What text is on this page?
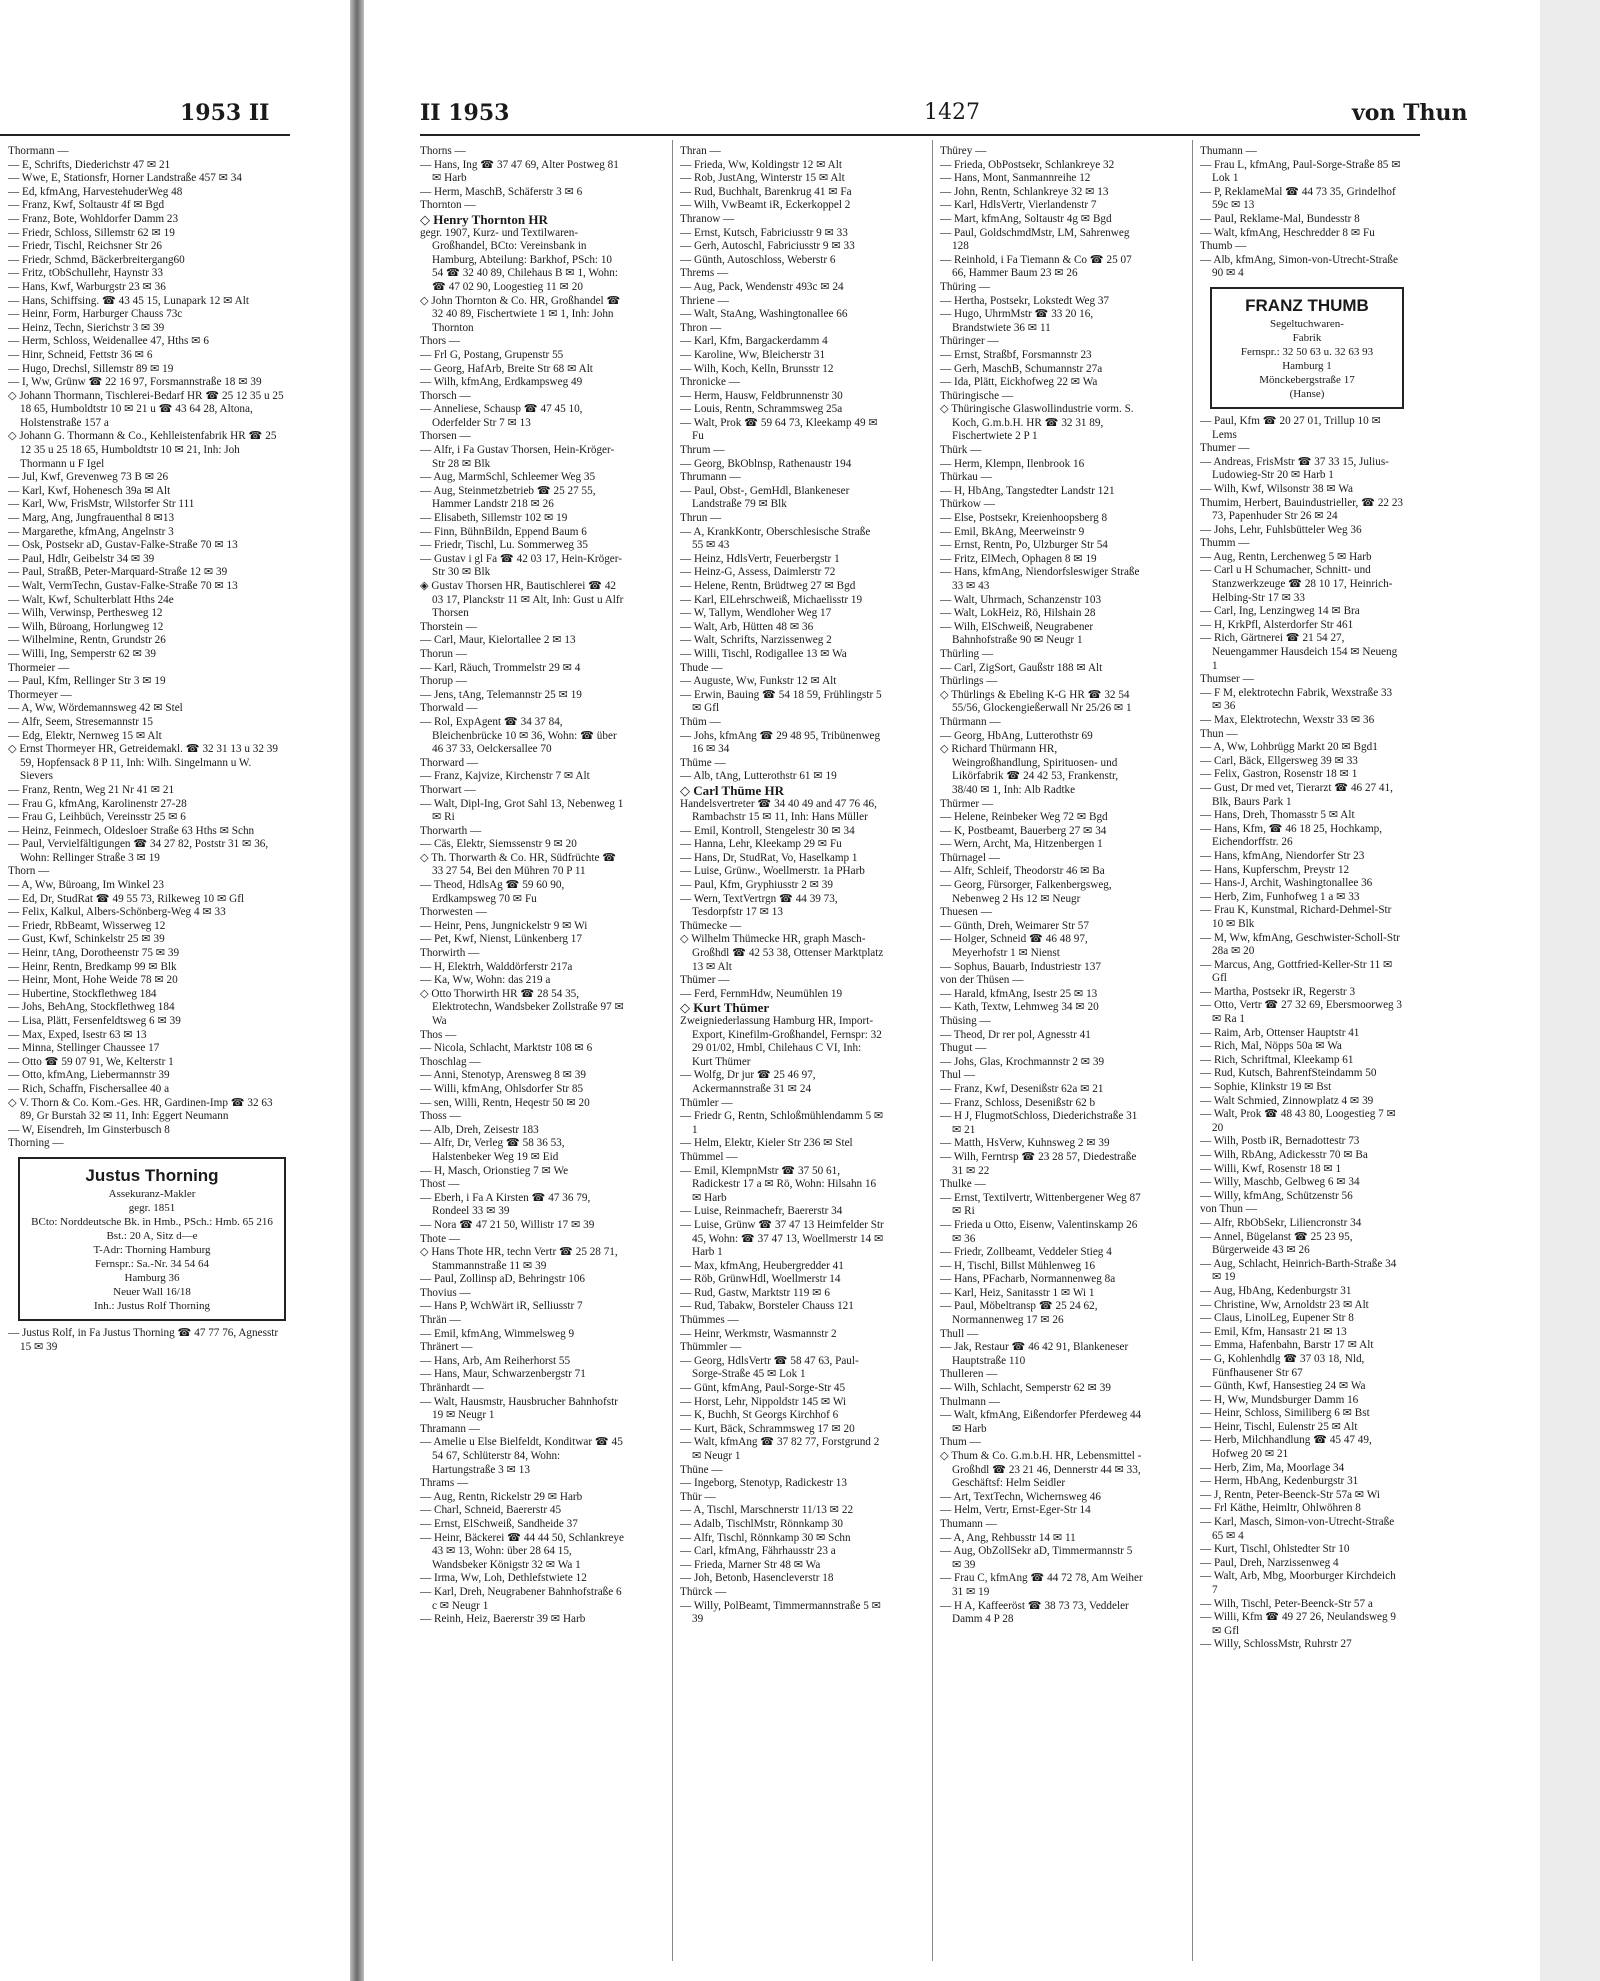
1953 II

Thormann —

— E, Schrifts, Diederichstr 47 ✉ 21

— Wwe, E, Stationsfr, Horner Landstraße 457 ✉ 34

— Ed, kfmAng, HarvestehuderWeg 48

— Franz, Kwf, Soltaustr 4f ✉ Bgd

— Franz, Bote, Wohldorfer Damm 23

— Friedr, Schloss, Sillemstr 62 ✉ 19

— Friedr, Tischl, Reichsner Str 26

— Friedr, Schmd, Bäckerbreitergang60

— Fritz, tObSchullehr, Haynstr 33

— Hans, Kwf, Warburgstr 23 ✉ 36

— Hans, Schiffsing. ☎ 43 45 15, Lunapark 12 ✉ Alt

— Heinr, Form, Harburger Chauss 73c

— Heinz, Techn, Sierichstr 3 ✉ 39

— Herm, Schloss, Weidenallee 47, Hths ✉ 6

— Hinr, Schneid, Fettstr 36 ✉ 6

— Hugo, Drechsl, Sillemstr 89 ✉ 19

— I, Ww, Grünw ☎ 22 16 97, Forsmannstraße 18 ✉ 39

◇ Johann Thormann, Tischlerei-Bedarf HR ☎ 25 12 35 u 25 18 65, Humboldtstr 10 ✉ 21 u ☎ 43 64 28, Altona, Holstenstraße 157 a

◇ Johann G. Thormann & Co., Kehlleistenfabrik HR ☎ 25 12 35 u 25 18 65, Humboldtstr 10 ✉ 21, Inh: Joh Thormann u F Igel

— Jul, Kwf, Grevenweg 73 B ✉ 26

— Karl, Kwf, Hohenesch 39a ✉ Alt

— Karl, Ww, FrisMstr, Wilstorfer Str 111

— Marg, Ang, Jungfrauenthal 8 ✉13

— Margarethe, kfmAng, Angelnstr 3

— Osk, Postsekr aD, Gustav-Falke-Straße 70 ✉ 13

— Paul, Hdlr, Geibelstr 34 ✉ 39

— Paul, StraßB, Peter-Marquard-Straße 12 ✉ 39

— Walt, VermTechn, Gustav-Falke-Straße 70 ✉ 13

— Walt, Kwf, Schulterblatt Hths 24e

— Wilh, Verwinsp, Perthesweg 12

— Wilh, Büroang, Horlungweg 12

— Wilhelmine, Rentn, Grundstr 26

— Willi, Ing, Semperstr 62 ✉ 39

Thormeier —

— Paul, Kfm, Rellinger Str 3 ✉ 19

Thormeyer —

— A, Ww, Wördemannsweg 42 ✉ Stel

— Alfr, Seem, Stresemannstr 15

— Edg, Elektr, Nernweg 15 ✉ Alt

◇ Ernst Thormeyer HR, Getreidemakl. ☎ 32 31 13 u 32 39 59, Hopfensack 8 P 11, Inh: Wilh. Singelmann u W. Sievers

— Franz, Rentn, Weg 21 Nr 41 ✉ 21

— Frau G, kfmAng, Karolinenstr 27-28

— Frau G, Leihbüch, Vereinsstr 25 ✉ 6

— Heinz, Feinmech, Oldesloer Straße 63 Hths ✉ Schn

— Paul, Vervielfältigungen ☎ 34 27 82, Poststr 31 ✉ 36, Wohn: Rellinger Straße 3 ✉ 19

Thorn —

— A, Ww, Büroang, Im Winkel 23

— Ed, Dr, StudRat ☎ 49 55 73, Rilkeweg 10 ✉ Gfl

— Felix, Kalkul, Albers-Schönberg-Weg 4 ✉ 33

— Friedr, RbBeamt, Wisserweg 12

— Gust, Kwf, Schinkelstr 25 ✉ 39

— Heinr, tAng, Dorotheenstr 75 ✉ 39

— Heinr, Rentn, Bredkamp 99 ✉ Blk

— Heinr, Mont, Hohe Weide 78 ✉ 20

— Hubertine, Stockflethweg 184

— Johs, BehAng, Stockflethweg 184

— Lisa, Plätt, Fersenfeldtsweg 6 ✉ 39

— Max, Exped, Isestr 63 ✉ 13

— Minna, Stellinger Chaussee 17

— Otto ☎ 59 07 91, We, Kelterstr 1

— Otto, kfmAng, Liebermannstr 39

— Rich, Schaffn, Fischersallee 40 a

◇ V. Thorn & Co. Kom.-Ges. HR, Gardinen-Imp ☎ 32 63 89, Gr Burstah 32 ✉ 11, Inh: Eggert Neumann

— W, Eisendreh, Im Ginsterbusch 8

Thorning —

Justus Thorning
Assekuranz-Makler
gegr. 1851
BCto: Norddeutsche Bk. in Hmb., PSch.: Hmb. 65 216
Bst.: 20 A, Sitz d—e
T-Adr: Thorning Hamburg
Fernspr.: Sa.-Nr. 34 54 64
Hamburg 36
Neuer Wall 16/18
Inh.: Justus Rolf Thorning

— Justus Rolf, in Fa Justus Thorning ☎ 47 77 76, Agnesstr 15 ✉ 39

II 1953	1427	von Thun

Thorns —

— Hans, Ing ☎ 37 47 69, Alter Postweg 81 ✉ Harb

— Herm, MaschB, Schäferstr 3 ✉ 6

Thornton —

◇ Henry Thornton HR

gegr. 1907, Kurz- und Textilwaren-Großhandel, BCto: Vereinsbank in Hamburg, Abteilung: Barkhof, PSch: 10 54 ☎ 32 40 89, Chilehaus B ✉ 1, Wohn: ☎ 47 02 90, Loogestieg 11 ✉ 20

◇ John Thornton & Co. HR, Großhandel ☎ 32 40 89, Fischertwiete 1 ✉ 1, Inh: John Thornton

Thors —

— Frl G, Postang, Grupenstr 55

— Georg, HafArb, Breite Str 68 ✉ Alt

— Wilh, kfmAng, Erdkampsweg 49

Thorsch —

— Anneliese, Schausp ☎ 47 45 10, Oderfelder Str 7 ✉ 13

Thorsen —

— Alfr, i Fa Gustav Thorsen, Hein-Kröger-Str 28 ✉ Blk

— Aug, MarmSchl, Schleemer Weg 35

— Aug, Steinmetzbetrieb ☎ 25 27 55, Hammer Landstr 218 ✉ 26

— Elisabeth, Sillemstr 102 ✉ 19

— Finn, BühnBildn, Eppend Baum 6

— Friedr, Tischl, Lu. Sommerweg 35

— Gustav i gl Fa ☎ 42 03 17, Hein-Kröger-Str 30 ✉ Blk

◈ Gustav Thorsen HR, Bautischlerei ☎ 42 03 17, Planckstr 11 ✉ Alt, Inh: Gust u Alfr Thorsen

Thorstein —

— Carl, Maur, Kielortallee 2 ✉ 13

Thorun —

— Karl, Räuch, Trommelstr 29 ✉ 4

Thorup —

— Jens, tAng, Telemannstr 25 ✉ 19

Thorwald —

— Rol, ExpAgent ☎ 34 37 84, Bleichenbrücke 10 ✉ 36, Wohn: ☎ über 46 37 33, Oelckersallee 70

Thorward —

— Franz, Kajvize, Kirchenstr 7 ✉ Alt

Thorwart —

— Walt, Dipl-Ing, Grot Sahl 13, Nebenweg 1 ✉ Ri

Thorwarth —

— Cäs, Elektr, Siemssenstr 9 ✉ 20

◇ Th. Thorwarth & Co. HR, Südfrüchte ☎ 33 27 54, Bei den Mühren 70 P 11

— Theod, HdlsAg ☎ 59 60 90, Erdkampsweg 70 ✉ Fu

Thorwesten —

— Heinr, Pens, Jungnickelstr 9 ✉ Wi

— Pet, Kwf, Nienst, Lünkenberg 17

Thorwirth —

— H, Elektrh, Walddörferstr 217a

— Ka, Ww, Wohn: das 219 a

◇ Otto Thorwirth HR ☎ 28 54 35, Elektrotechn, Wandsbeker Zollstraße 97 ✉ Wa

Thos —

— Nicola, Schlacht, Marktstr 108 ✉ 6

Thoschlag —

— Anni, Stenotyp, Arensweg 8 ✉ 39

— Willi, kfmAng, Ohlsdorfer Str 85

— sen, Willi, Rentn, Heqestr 50 ✉ 20

Thoss —

— Alb, Dreh, Zeisestr 183

— Alfr, Dr, Verleg ☎ 58 36 53, Halstenbeker Weg 19 ✉ Eid

— H, Masch, Orionstieg 7 ✉ We

Thost —

— Eberh, i Fa A Kirsten ☎ 47 36 79, Rondeel 33 ✉ 39

— Nora ☎ 47 21 50, Willistr 17 ✉ 39

Thote —

◇ Hans Thote HR, techn Vertr ☎ 25 28 71, Stammannstraße 11 ✉ 39

— Paul, Zollinsp aD, Behringstr 106

Thovius —

— Hans P, WchWärt iR, Selliusstr 7

Thrän —

— Emil, kfmAng, Wimmelsweg 9

Thränert —

— Hans, Arb, Am Reiherhorst 55

— Hans, Maur, Schwarzenbergstr 71

Thränhardt —

— Walt, Hausmstr, Hausbrucher Bahnhofstr 19 ✉ Neugr 1

Thramann —

— Amelie u Else Bielfeldt, Konditwar ☎ 45 54 67, Schlüterstr 84, Wohn: Hartungstraße 3 ✉ 13

Thrams —

— Aug, Rentn, Rickelstr 29 ✉ Harb

— Charl, Schneid, Baererstr 45

— Ernst, ElSchweiß, Sandheide 37

— Heinr, Bäckerei ☎ 44 44 50, Schlankreye 43 ✉ 13, Wohn: über 28 64 15, Wandsbeker Königstr 32 ✉ Wa 1

— Irma, Ww, Loh, Dethlefstwiete 12

— Karl, Dreh, Neugrabener Bahnhofstraße 6 c ✉ Neugr 1

— Reinh, Heiz, Baererstr 39 ✉ Harb

Thran —

— Frieda, Ww, Koldingstr 12 ✉ Alt

— Rob, JustAng, Winterstr 15 ✉ Alt

— Rud, Buchhalt, Barenkrug 41 ✉ Fa

— Wilh, VwBeamt iR, Eckerkoppel 2

Thranow —

— Ernst, Kutsch, Fabriciusstr 9 ✉ 33

— Gerh, Autoschl, Fabriciusstr 9 ✉ 33

— Günth, Autoschloss, Weberstr 6

Threms —

— Aug, Pack, Wendenstr 493c ✉ 24

Thriene —

— Walt, StaAng, Washingtonallee 66

Thron —

— Karl, Kfm, Bargackerdamm 4

— Karoline, Ww, Bleicherstr 31

— Wilh, Koch, Kelln, Brunsstr 12

Thronicke —

— Herm, Hausw, Feldbrunnenstr 30

— Louis, Rentn, Schrammsweg 25a

— Walt, Prok ☎ 59 64 73, Kleekamp 49 ✉ Fu

Thrum —

— Georg, BkOblnsp, Rathenaustr 194

Thrumann —

— Paul, Obst-, GemHdl, Blankeneser Landstraße 79 ✉ Blk

Thrun —

— A, KrankKontr, Oberschlesische Straße 55 ✉ 43

— Heinz, HdlsVertr, Feuerbergstr 1

— Heinz-G, Assess, Daimlerstr 72

— Helene, Rentn, Brüdtweg 27 ✉ Bgd

— Karl, ElLehrschweiß, Michaelisstr 19

— W, Tallym, Wendloher Weg 17

— Walt, Arb, Hütten 48 ✉ 36

— Walt, Schrifts, Narzissenweg 2

— Willi, Tischl, Rodigallee 13 ✉ Wa

Thude —

— Auguste, Ww, Funkstr 12 ✉ Alt

— Erwin, Bauing ☎ 54 18 59, Frühlingstr 5 ✉ Gfl

Thüm —

— Johs, kfmAng ☎ 29 48 95, Tribünenweg 16 ✉ 34

Thüme —

— Alb, tAng, Lutterothstr 61 ✉ 19

◇ Carl Thüme HR

Handelsvertreter ☎ 34 40 49 and 47 76 46, Rambachstr 15 ✉ 11, Inh: Hans Müller

— Emil, Kontroll, Stengelestr 30 ✉ 34

— Hanna, Lehr, Kleekamp 29 ✉ Fu

— Hans, Dr, StudRat, Vo, Haselkamp 1

— Luise, Grünw., Woellmerstr. 1a PHarb

— Paul, Kfm, Gryphiusstr 2 ✉ 39

— Wern, TextVertrgn ☎ 44 39 73, Tesdorpfstr 17 ✉ 13

Thümecke —

◇ Wilhelm Thümecke HR, graph Masch-Großhdl ☎ 42 53 38, Ottenser Marktplatz 13 ✉ Alt

Thümer —

— Ferd, FernmHdw, Neumühlen 19

◇ Kurt Thümer

Zweigniederlassung Hamburg HR, Import-Export, Kinefilm-Großhandel, Fernspr: 32 29 01/02, Hmbl, Chilehaus C VI, Inh: Kurt Thümer

— Wolfg, Dr jur ☎ 25 46 97, Ackermannstraße 31 ✉ 24

Thümler —

— Friedr G, Rentn, Schloßmühlendamm 5 ✉ 1

— Helm, Elektr, Kieler Str 236 ✉ Stel

Thümmel —

— Emil, KlempnMstr ☎ 37 50 61, Radickestr 17 a ✉ Rö, Wohn: Hilsahn 16 ✉ Harb

— Luise, Reinmachefr, Baererstr 34

— Luise, Grünw ☎ 37 47 13 Heimfelder Str 45, Wohn: ☎ 37 47 13, Woellmerstr 14 ✉ Harb 1

— Max, kfmAng, Heubergredder 41

— Röb, GrünwHdl, Woellmerstr 14

— Rud, Gastw, Marktstr 119 ✉ 6

— Rud, Tabakw, Borsteler Chauss 121

Thümmes —

— Heinr, Werkmstr, Wasmannstr 2

Thümmler —

— Georg, HdlsVertr ☎ 58 47 63, Paul-Sorge-Straße 45 ✉ Lok 1

— Günt, kfmAng, Paul-Sorge-Str 45

— Horst, Lehr, Nippoldstr 145 ✉ Wi

— K, Buchh, St Georgs Kirchhof 6

— Kurt, Bäck, Schrammsweg 17 ✉ 20

— Walt, kfmAng ☎ 37 82 77, Forstgrund 2 ✉ Neugr 1

Thüne —

— Ingeborg, Stenotyp, Radickestr 13

Thür —

— A, Tischl, Marschnerstr 11/13 ✉ 22

— Adalb, TischlMstr, Rönnkamp 30

— Alfr, Tischl, Rönnkamp 30 ✉ Schn

— Carl, kfmAng, Fährhausstr 23 a

— Frieda, Marner Str 48 ✉ Wa

— Joh, Betonb, Hasencleverstr 18

Thürck —

— Willy, PolBeamt, Timmermannstraße 5 ✉ 39

Thürey —

— Frieda, ObPostsekr, Schlankreye 32

— Hans, Mont, Sanmannreihe 12

— John, Rentn, Schlankreye 32 ✉ 13

— Karl, HdlsVertr, Vierlandenstr 7

— Mart, kfmAng, Soltaustr 4g ✉ Bgd

— Paul, GoldschmdMstr, LM, Sahrenweg 128

— Reinhold, i Fa Tiemann & Co ☎ 25 07 66, Hammer Baum 23 ✉ 26

Thüring —

— Hertha, Postsekr, Lokstedt Weg 37

— Hugo, UhrmMstr ☎ 33 20 16, Brandstwiete 36 ✉ 11

Thüringer —

— Ernst, Straßbf, Forsmannstr 23

— Gerh, MaschB, Schumannstr 27a

— Ida, Plätt, Eickhofweg 22 ✉ Wa

Thüringische —

◇ Thüringische Glaswollindustrie vorm. S. Koch, G.m.b.H. HR ☎ 32 31 89, Fischertwiete 2 P 1

Thürk —

— Herm, Klempn, Ilenbrook 16

Thürkau —

— H, HbAng, Tangstedter Landstr 121

Thürkow —

— Else, Postsekr, Kreienhoopsberg 8

— Emil, BkAng, Meerweinstr 9

— Ernst, Rentn, Po, Ulzburger Str 54

— Fritz, ElMech, Ophagen 8 ✉ 19

— Hans, kfmAng, Niendorfsleswiger Straße 33 ✉ 43

— Walt, Uhrmach, Schanzenstr 103

— Walt, LokHeiz, Rö, Hilshain 28

— Wilh, ElSchweiß, Neugrabener Bahnhofstraße 90 ✉ Neugr 1

Thürling —

— Carl, ZigSort, Gaußstr 188 ✉ Alt

Thürlings —

◇ Thürlings & Ebeling K-G HR ☎ 32 54 55/56, Glockengießerwall Nr 25/26 ✉ 1

Thürmann —

— Georg, HbAng, Lutterothstr 69

◇ Richard Thürmann HR, Weingroßhandlung, Spirituosen- und Likörfabrik ☎ 24 42 53, Frankenstr, 38/40 ✉ 1, Inh: Alb Radtke

Thürmer —

— Helene, Reinbeker Weg 72 ✉ Bgd

— K, Postbeamt, Bauerberg 27 ✉ 34

— Wern, Archt, Ma, Hitzenbergen 1

Thürnagel —

— Alfr, Schleif, Theodorstr 46 ✉ Ba

— Georg, Fürsorger, Falkenbergsweg, Nebenweg 2 Hs 12 ✉ Neugr

Thuesen —

— Günth, Dreh, Weimarer Str 57

— Holger, Schneid ☎ 46 48 97, Meyerhofstr 1 ✉ Nienst

— Sophus, Bauarb, Industriestr 137

von der Thüsen —

— Harald, kfmAng, Isestr 25 ✉ 13

— Kath, Textw, Lehmweg 34 ✉ 20

Thüsing —

— Theod, Dr rer pol, Agnesstr 41

Thugut —

— Johs, Glas, Krochmannstr 2 ✉ 39

Thul —

— Franz, Kwf, Desenißstr 62a ✉ 21

— Franz, Schloss, Desenißstr 62 b

— H J, FlugmotSchloss, Diederichstraße 31 ✉ 21

— Matth, HsVerw, Kuhnsweg 2 ✉ 39

— Wilh, Ferntrsp ☎ 23 28 57, Diedestraße 31 ✉ 22

Thulke —

— Ernst, Textilvertr, Wittenbergener Weg 87 ✉ Ri

— Frieda u Otto, Eisenw, Valentinskamp 26 ✉ 36

— Friedr, Zollbeamt, Veddeler Stieg 4

— H, Tischl, Billst Mühlenweg 16

— Hans, PFacharb, Normannenweg 8a

— Karl, Heiz, Sanitasstr 1 ✉ Wi 1

— Paul, Möbeltransp ☎ 25 24 62, Normannenweg 17 ✉ 26

Thull —

— Jak, Restaur ☎ 46 42 91, Blankeneser Hauptstraße 110

Thulleren —

— Wilh, Schlacht, Semperstr 62 ✉ 39

Thulmann —

— Walt, kfmAng, Eißendorfer Pferdeweg 44 ✉ Harb

Thum —

◇ Thum & Co. G.m.b.H. HR, Lebensmittel - Großhdl ☎ 23 21 46, Dennerstr 44 ✉ 33, Geschäftsf: Helm Seidler

— Art, TextTechn, Wichernsweg 46

— Helm, Vertr, Ernst-Eger-Str 14

Thumann —

— A, Ang, Rehbusstr 14 ✉ 11

— Aug, ObZollSekr aD, Timmermannstr 5 ✉ 39

— Frau C, kfmAng ☎ 44 72 78, Am Weiher 31 ✉ 19

— H A, Kaffeeröst ☎ 38 73 73, Veddeler Damm 4 P 28

Thumann —

— Frau L, kfmAng, Paul-Sorge-Straße 85 ✉ Lok 1

— P, ReklameMal ☎ 44 73 35, Grindelhof 59c ✉ 13

— Paul, Reklame-Mal, Bundesstr 8

— Walt, kfmAng, Heschredder 8 ✉ Fu

Thumb —

— Alb, kfmAng, Simon-von-Utrecht-Straße 90 ✉ 4

FRANZ THUMB
Segeltuchwaren-
Fabrik
Fernspr.: 32 50 63 u. 32 63 93
Hamburg 1
Mönckebergstraße 17
(Hanse)

— Paul, Kfm ☎ 20 27 01, Trillup 10 ✉ Lems

Thumer —

— Andreas, FrisMstr ☎ 37 33 15, Julius-Ludowieg-Str 20 ✉ Harb 1

— Wilh, Kwf, Wilsonstr 38 ✉ Wa

Thumim, Herbert, Bauindustrieller, ☎ 22 23 73, Papenhuder Str 26 ✉ 24

— Johs, Lehr, Fuhlsbütteler Weg 36

Thumm —

— Aug, Rentn, Lerchenweg 5 ✉ Harb

— Carl u H Schumacher, Schnitt- und Stanzwerkzeuge ☎ 28 10 17, Heinrich-Helbing-Str 17 ✉ 33

— Carl, Ing, Lenzingweg 14 ✉ Bra

— H, KrkPfl, Alsterdorfer Str 461

— Rich, Gärtnerei ☎ 21 54 27, Neuengammer Hausdeich 154 ✉ Neueng 1

Thumser —

— F M, elektrotechn Fabrik, Wexstraße 33 ✉ 36

— Max, Elektrotechn, Wexstr 33 ✉ 36

Thun —

— A, Ww, Lohbrügg Markt 20 ✉ Bgd1

— Carl, Bäck, Ellgersweg 39 ✉ 33

— Felix, Gastron, Rosenstr 18 ✉ 1

— Gust, Dr med vet, Tierarzt ☎ 46 27 41, Blk, Baurs Park 1

— Hans, Dreh, Thomasstr 5 ✉ Alt

— Hans, Kfm, ☎ 46 18 25, Hochkamp, Eichendorffstr. 26

— Hans, kfmAng, Niendorfer Str 23

— Hans, Kupferschm, Preystr 12

— Hans-J, Archit, Washingtonallee 36

— Herb, Zim, Funhofweg 1 a ✉ 33

— Frau K, Kunstmal, Richard-Dehmel-Str 10 ✉ Blk

— M, Ww, kfmAng, Geschwister-Scholl-Str 28a ✉ 20

— Marcus, Ang, Gottfried-Keller-Str 11 ✉ Gfl

— Martha, Postsekr iR, Regerstr 3

— Otto, Vertr ☎ 27 32 69, Ebersmoorweg 3 ✉ Ra 1

— Raim, Arb, Ottenser Hauptstr 41

— Rich, Mal, Nöpps 50a ✉ Wa

— Rich, Schriftmal, Kleekamp 61

— Rud, Kutsch, BahrenfSteindamm 50

— Sophie, Klinkstr 19 ✉ Bst

— Walt Schmied, Zinnowplatz 4 ✉ 39

— Walt, Prok ☎ 48 43 80, Loogestieg 7 ✉ 20

— Wilh, Postb iR, Bernadottestr 73

— Wilh, RbAng, Adickesstr 70 ✉ Ba

— Willi, Kwf, Rosenstr 18 ✉ 1

— Willy, Maschb, Gelbweg 6 ✉ 34

— Willy, kfmAng, Schützenstr 56

von Thun —

— Alfr, RbObSekr, Liliencronstr 34

— Annel, Bügelanst ☎ 25 23 95, Bürgerweide 43 ✉ 26

— Aug, Schlacht, Heinrich-Barth-Straße 34 ✉ 19

— Aug, HbAng, Kedenburgstr 31

— Christine, Ww, Arnoldstr 23 ✉ Alt

— Claus, LinolLeg, Eupener Str 8

— Emil, Kfm, Hansastr 21 ✉ 13

— Emma, Hafenbahn, Barstr 17 ✉ Alt

— G, Kohlenhdlg ☎ 37 03 18, Nld, Fünfhausener Str 67

— Günth, Kwf, Hansestieg 24 ✉ Wa

— H, Ww, Mundsburger Damm 16

— Heinr, Schloss, Similiberg 6 ✉ Bst

— Heinr, Tischl, Eulenstr 25 ✉ Alt

— Herb, Milchhandlung ☎ 45 47 49, Hofweg 20 ✉ 21

— Herb, Zim, Ma, Moorlage 34

— Herm, HbAng, Kedenburgstr 31

— J, Rentn, Peter-Beenck-Str 57a ✉ Wi

— Frl Käthe, Heimltr, Ohlwöhren 8

— Karl, Masch, Simon-von-Utrecht-Straße 65 ✉ 4

— Kurt, Tischl, Ohlstedter Str 10

— Paul, Dreh, Narzissenweg 4

— Walt, Arb, Mbg, Moorburger Kirchdeich 7

— Wilh, Tischl, Peter-Beenck-Str 57 a

— Willi, Kfm ☎ 49 27 26, Neulandsweg 9 ✉ Gfl

— Willy, SchlossMstr, Ruhrstr 27
